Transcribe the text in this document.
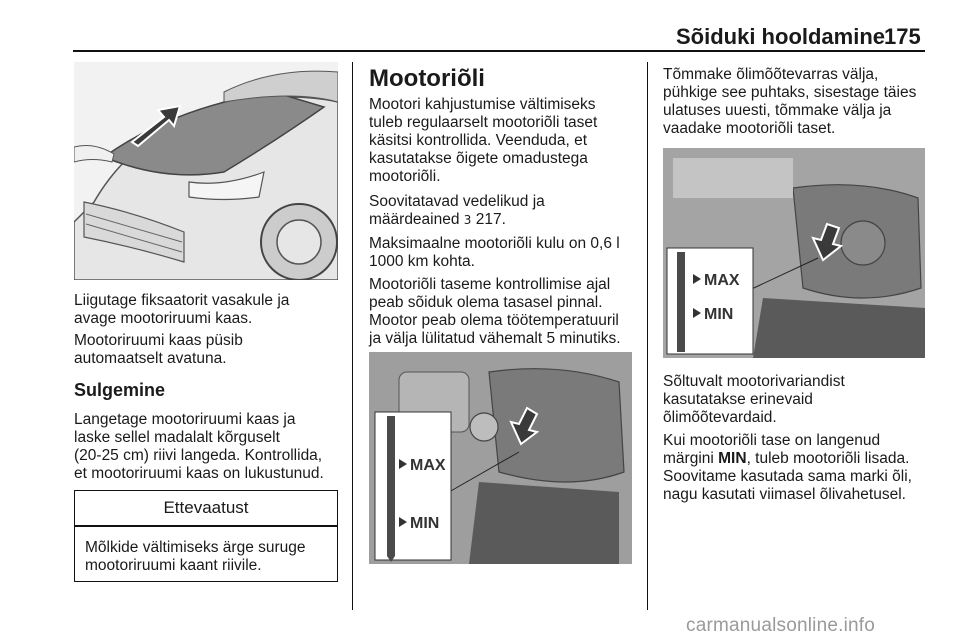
Sõiduki hooldamine
175

Liigutage fiksaatorit vasakule ja
avage mootoriruumi kaas.

Mootoriruumi kaas püsib
automaatselt avatuna.

Sulgemine

Langetage mootoriruumi kaas ja
laske sellel madalalt kõrguselt
(20-25 cm) riivi langeda. Kontrollida,
et mootoriruumi kaas on lukustunud.

Ettevaatust
Mõlkide vältimiseks ärge suruge
mootoriruumi kaant riivile.
Mootoriõli

Mootori kahjustumise vältimiseks
tuleb regulaarselt mootoriõli taset
käsitsi kontrollida. Veenduda, et
kasutatakse õigete omadustega
mootoriõli.

Soovitatavad vedelikud ja
määrdeained 3 217.

Maksimaalne mootoriõli kulu on 0,6 l
1000 km kohta.

Mootoriõli taseme kontrollimise ajal
peab sõiduk olema tasasel pinnal.
Mootor peab olema töötemperatuuril
ja välja lülitatud vähemalt 5 minutiks.

MAX
MIN

Tõmmake õlimõõtevarras välja,
pühkige see puhtaks, sisestage täies
ulatuses uuesti, tõmmake välja ja
vaadake mootoriõli taset.

MAX
MIN

Sõltuvalt mootorivariandist
kasutatakse erinevaid
õlimõõtevardaid.

Kui mootoriõli tase on langenud
märgini MIN, tuleb mootoriõli lisada.
Soovitame kasutada sama marki õli,
nagu kasutati viimasel õlivahetusel.

carmanualsonline.info
